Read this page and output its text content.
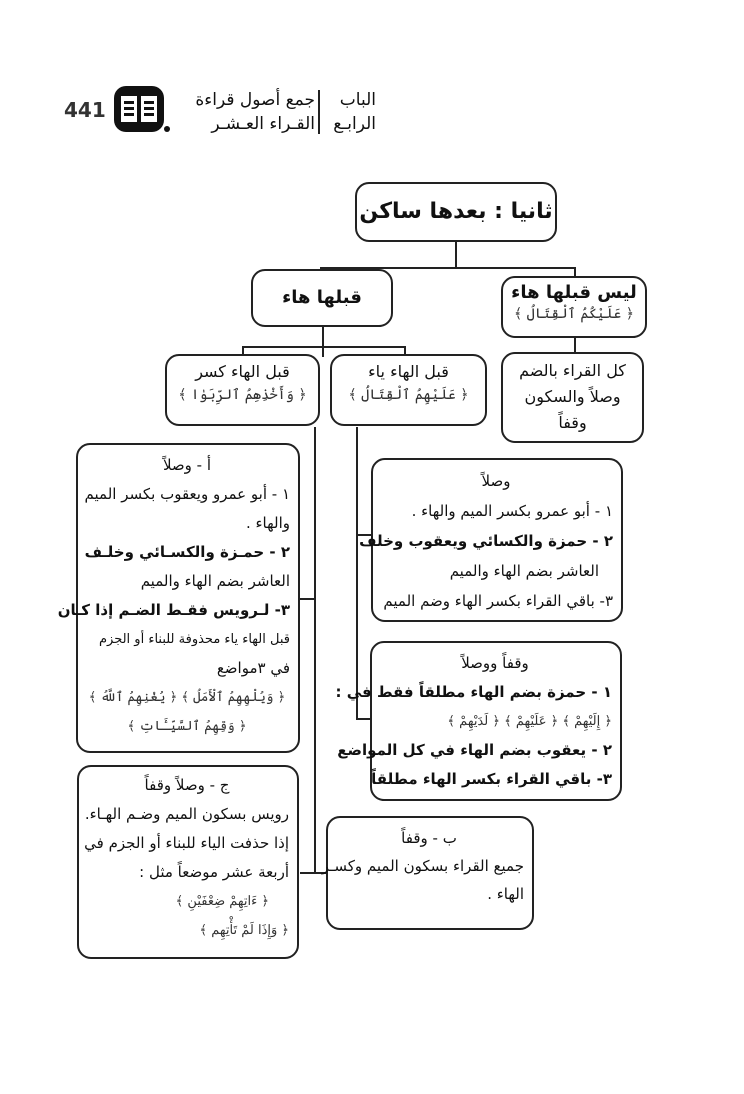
441	جمع أصول قراءة
القـراء العـشـر
الباب
الرابـع
ثانيا : بعدها ساكن
ليس قبلها هاء
﴿ عَلَيْكُمُ ٱلْقِتَالُ ﴾
قبلها هاء
كل القراء بالضم
وصلاً والسكون
وقفاً
قبل الهاء ياء
﴿ عَلَيْهِمُ ٱلْقِتَالُ ﴾
قبل الهاء كسر
﴿ وَأَخْذِهِمُ ٱلرِّبَوٰا ﴾
وصلاً
١ - أبو عمرو بكسر الميم والهاء .
٢ - حمزة والكسائي ويعقوب وخلف
العاشر بضم الهاء والميم
٣- باقي القراء بكسر الهاء وضم الميم
وقفاً ووصلاً
١ - حمزة بضم الهاء مطلقاً فقط في :
﴿ إِلَيْهِمْ ﴾ ﴿ عَلَيْهِمْ ﴾ ﴿ لَدَيْهِمْ ﴾
٢ - يعقوب بضم الهاء في كل المواضع
٣- باقي القراء بكسر الهاء مطلقاً
أ - وصلاً
١ - أبو عمرو ويعقوب بكسر الميم
والهاء .
٢ - حمـزة والكسـائي وخلـف
العاشر بضم الهاء والميم
٣- لـرويس فقـط الضـم إذا كـان
قبل الهاء ياء محذوفة للبناء أو الجزم
في ٣مواضع
﴿ وَيُلْهِهِمُ ٱلْأَمَلُ ﴾ ﴿ يُغْنِهِمُ ٱللَّهُ ﴾
﴿ وَقِهِمُ ٱلسَّيِّـَٔاتِ ﴾
ج - وصلاً وقفاً
رويس بسكون الميم وضـم الهـاء.
إذا حذفت الياء للبناء أو الجزم في
أربعة عشر موضعاً مثل :
﴿ ءَاتِهِمْ ضِعْفَيْنِ ﴾
﴿ وَإِذَا لَمْ تَأْتِهِم ﴾
ب - وقفاً
جميع القراء بسكون الميم وكسـر
الهاء .
